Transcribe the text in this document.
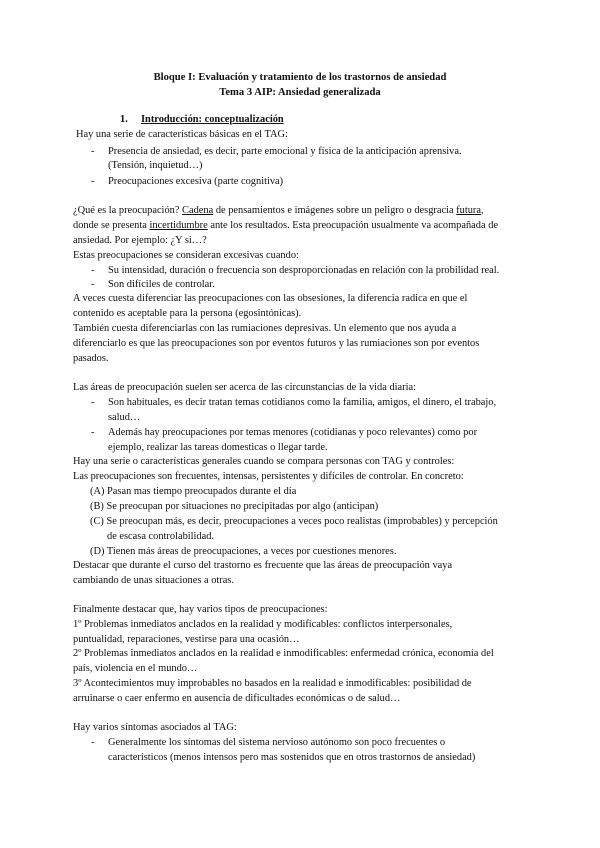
Bloque I: Evaluación y tratamiento de los trastornos de ansiedad
Tema 3 AIP: Ansiedad generalizada
1. Introducción: conceptualización
Hay una serie de características básicas en el TAG:
- Presencia de ansiedad, es decir, parte emocional y física de la anticipación aprensiva.
(Tensión, inquietud…)
- Preocupaciones excesiva (parte cognitiva)
¿Qué es la preocupación? Cadena de pensamientos e imágenes sobre un peligro o desgracia futura,
donde se presenta incertidumbre ante los resultados. Esta preocupación usualmente va acompañada de
ansiedad. Por ejemplo: ¿Y si…?
Estas preocupaciones se consideran excesivas cuando:
- Su intensidad, duración o frecuencia son desproporcionadas en relación con la probilidad real.
- Son difíciles de controlar.
A veces cuesta diferenciar las preocupaciones con las obsesiones, la diferencia radica en que el
contenido es aceptable para la persona (egosintónicas).
También cuesta diferenciarlas con las rumiaciones depresivas. Un elemento que nos ayuda a
diferenciarlo es que las preocupaciones son por eventos futuros y las rumiaciones son por eventos
pasados.
Las áreas de preocupación suelen ser acerca de las circunstancias de la vida diaria:
- Son habituales, es decir tratan temas cotidianos como la familia, amigos, el dinero, el trabajo,
salud…
- Además hay preocupaciones por temas menores (cotidianas y poco relevantes) como por
ejemplo, realizar las tareas domesticas o llegar tarde.
Hay una serie o características generales cuando se compara personas con TAG y controles:
Las preocupaciones son frecuentes, intensas, persistentes y difíciles de controlar. En concreto:
(A) Pasan mas tiempo preocupados durante el día
(B) Se preocupan por situaciones no precipitadas por algo (anticipan)
(C) Se preocupan más, es decir, preocupaciones a veces poco realistas (improbables) y percepción
de escasa controlabilidad.
(D) Tienen más áreas de preocupaciones, a veces por cuestiones menores.
Destacar que durante el curso del trastorno es frecuente que las áreas de preocupación vaya
cambiando de unas situaciones a otras.
Finalmente destacar que, hay varios tipos de preocupaciones:
1º Problemas inmediatos anclados en la realidad y modificables: conflictos interpersonales,
puntualidad, reparaciones, vestirse para una ocasión…
2º Problemas inmediatos anclados en la realidad e inmodificables: enfermedad crónica, economía del
país, violencia en el mundo…
3º Acontecimientos muy improbables no basados en la realidad e inmodificables: posibilidad de
arruinarse o caer enfermo en ausencia de dificultades económicas o de salud…
Hay varios síntomas asociados al TAG:
- Generalmente los síntomas del sistema nervioso autónomo son poco frecuentes o
característicos (menos intensos pero mas sostenidos que en otros trastornos de ansiedad)
